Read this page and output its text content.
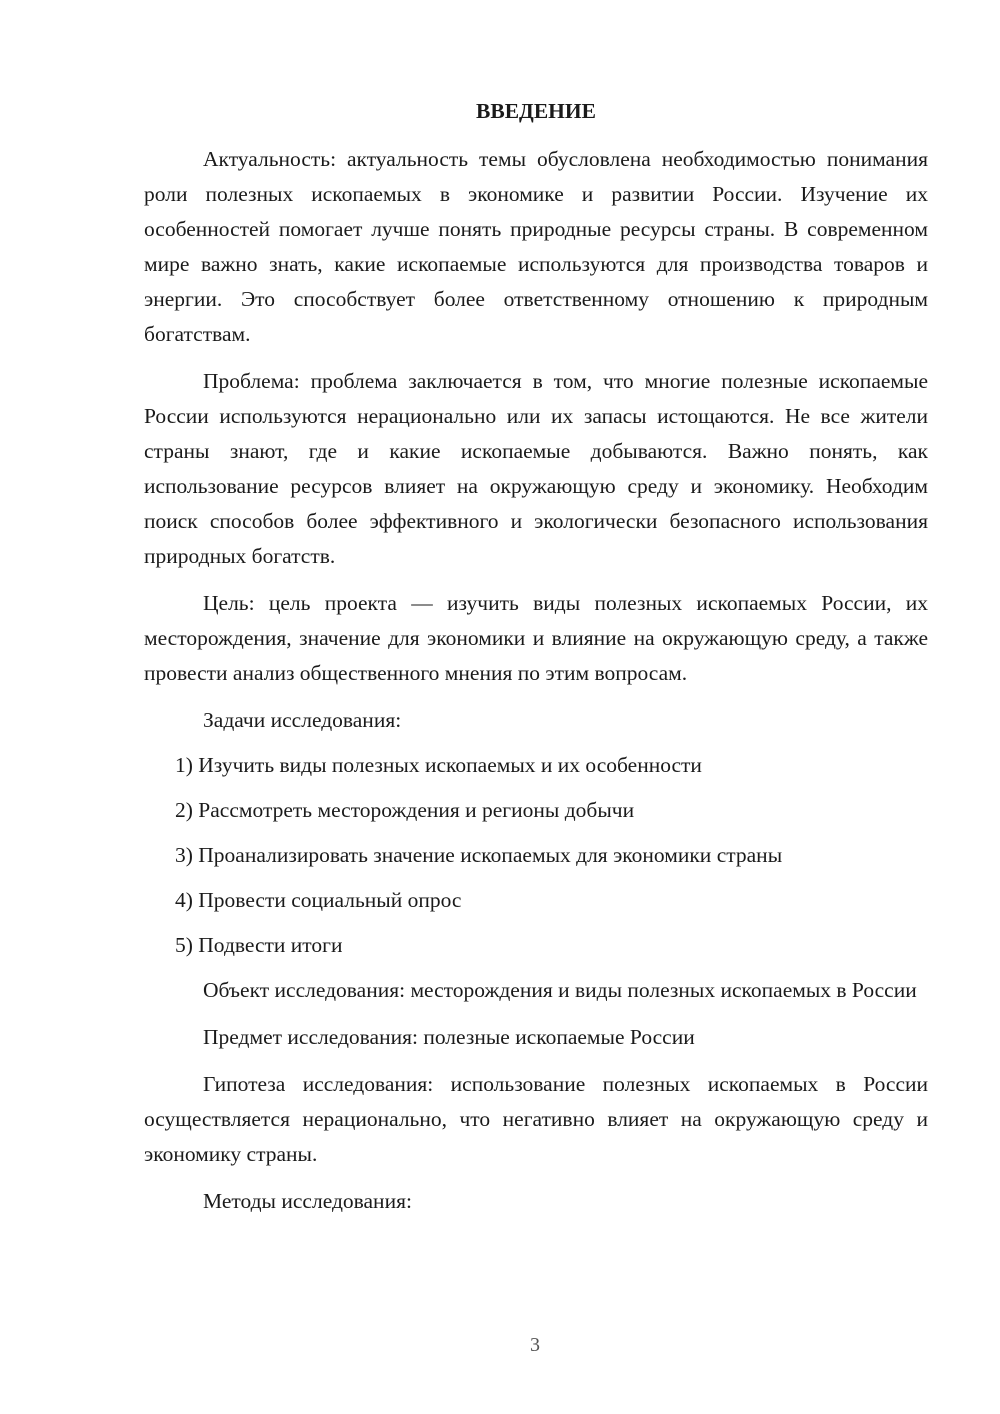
ВВЕДЕНИЕ

Актуальность: актуальность темы обусловлена необходимостью понимания роли полезных ископаемых в экономике и развитии России. Изучение их особенностей помогает лучше понять природные ресурсы страны. В современном мире важно знать, какие ископаемые используются для производства товаров и энергии. Это способствует более ответственному отношению к природным богатствам.

Проблема: проблема заключается в том, что многие полезные ископаемые России используются нерационально или их запасы истощаются. Не все жители страны знают, где и какие ископаемые добываются. Важно понять, как использование ресурсов влияет на окружающую среду и экономику. Необходим поиск способов более эффективного и экологически безопасного использования природных богатств.

Цель: цель проекта — изучить виды полезных ископаемых России, их месторождения, значение для экономики и влияние на окружающую среду, а также провести анализ общественного мнения по этим вопросам.

Задачи исследования:

1) Изучить виды полезных ископаемых и их особенности
2) Рассмотреть месторождения и регионы добычи
3) Проанализировать значение ископаемых для экономики страны
4) Провести социальный опрос
5) Подвести итоги

Объект исследования: месторождения и виды полезных ископаемых в России

Предмет исследования: полезные ископаемые России

Гипотеза исследования: использование полезных ископаемых в России осуществляется нерационально, что негативно влияет на окружающую среду и экономику страны.

Методы исследования:

3
